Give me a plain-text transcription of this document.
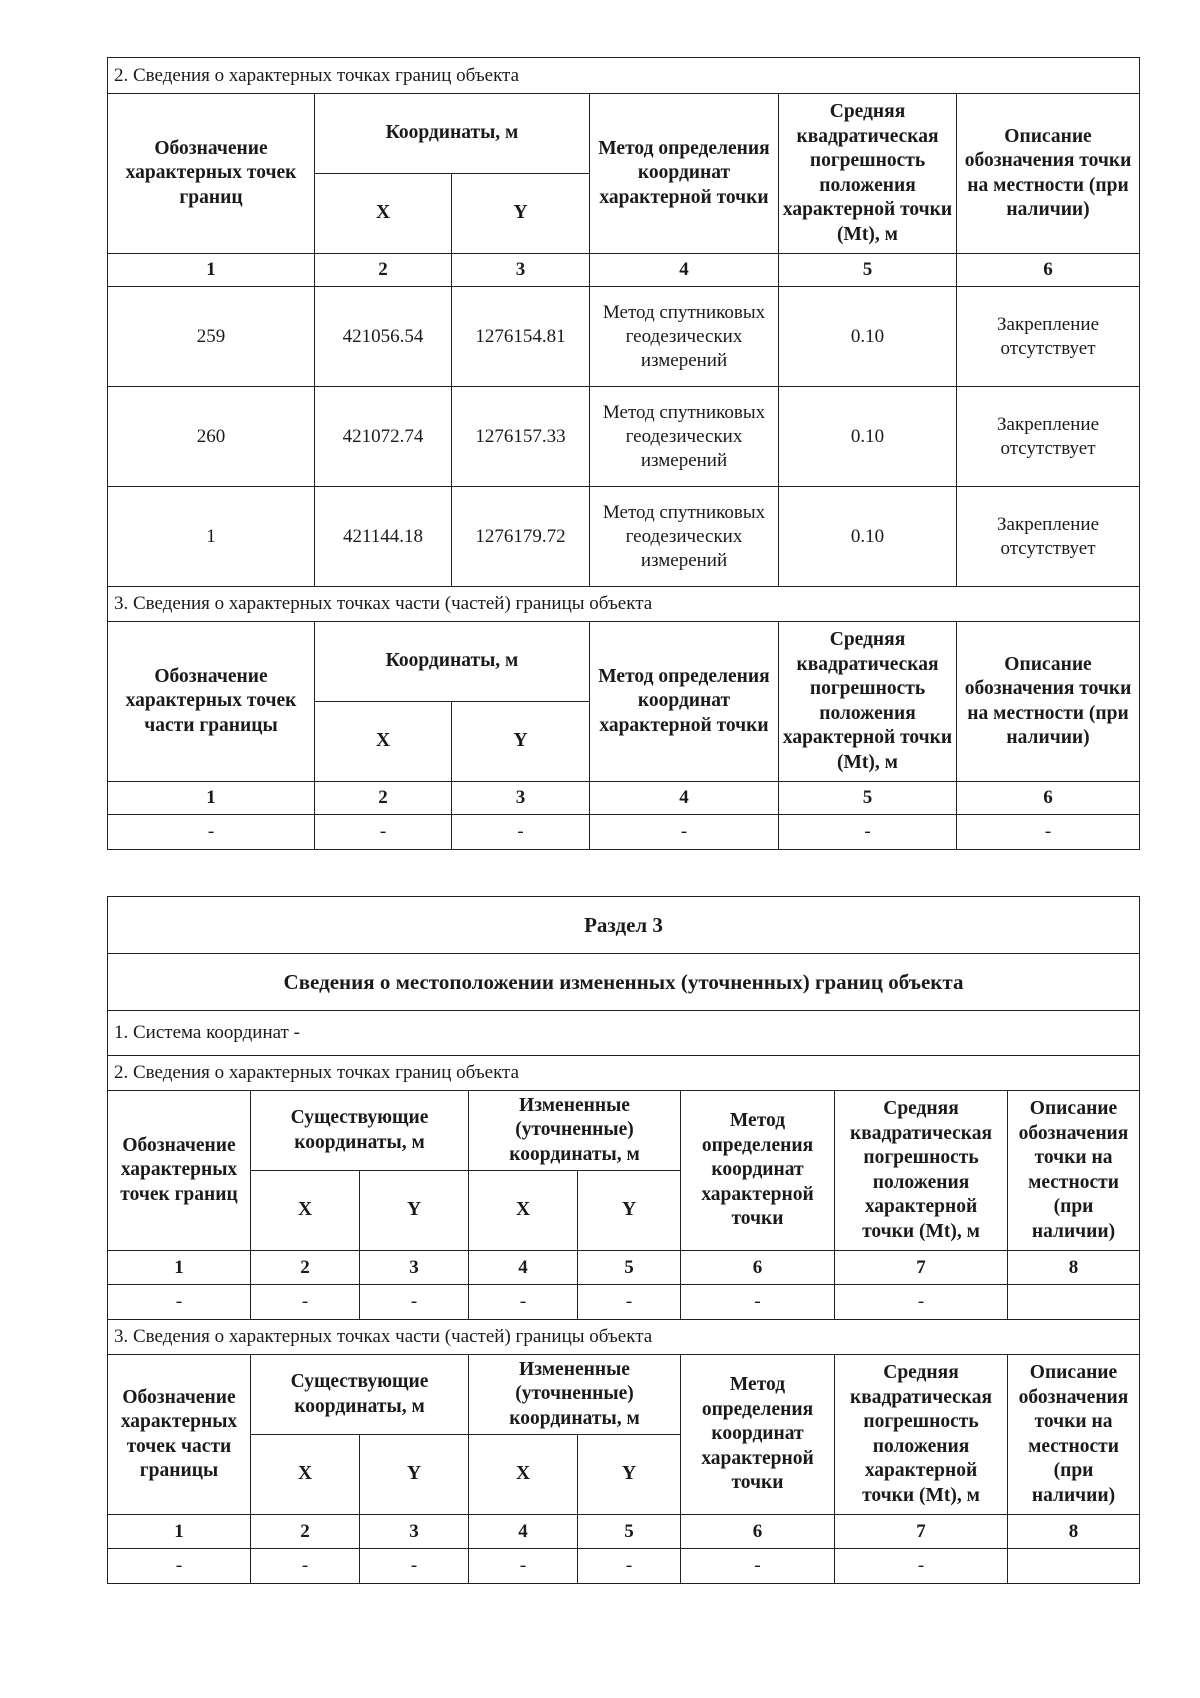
2. Сведения о характерных точках границ объекта					
Обозначение характерных точек границ	Координаты, м		Метод определения координат характерной точки	Средняя квадратическая погрешность положения характерной точки (Mt), м	Описание обозначения точки на местности (при наличии)
	X	Y			
1	2	3	4	5	6
259	421056.54	1276154.81	Метод спутниковых геодезических измерений	0.10	Закрепление отсутствует
260	421072.74	1276157.33	Метод спутниковых геодезических измерений	0.10	Закрепление отсутствует
1	421144.18	1276179.72	Метод спутниковых геодезических измерений	0.10	Закрепление отсутствует
3. Сведения о характерных точках части (частей) границы объекта					
Обозначение характерных точек части границы	Координаты, м		Метод определения координат характерной точки	Средняя квадратическая погрешность положения характерной точки (Mt), м	Описание обозначения точки на местности (при наличии)
	X	Y			
1	2	3	4	5	6
-	-	-	-	-	-
Раздел 3							
Сведения о местоположении измененных (уточненных) границ объекта							
1. Система координат -							
2. Сведения о характерных точках границ объекта							
Обозначение характерных точек границ	Существующие координаты, м		Измененные (уточненные) координаты, м		Метод определения координат характерной точки	Средняя квадратическая погрешность положения характерной точки (Mt), м	Описание обозначения точки на местности (при наличии)
	X	Y	X	Y			
1	2	3	4	5	6	7	8
-	-	-	-	-	-	-	
3. Сведения о характерных точках части (частей) границы объекта							
Обозначение характерных точек части границы	Существующие координаты, м		Измененные (уточненные) координаты, м		Метод определения координат характерной точки	Средняя квадратическая погрешность положения характерной точки (Mt), м	Описание обозначения точки на местности (при наличии)
	X	Y	X	Y			
1	2	3	4	5	6	7	8
-	-	-	-	-	-	-	
